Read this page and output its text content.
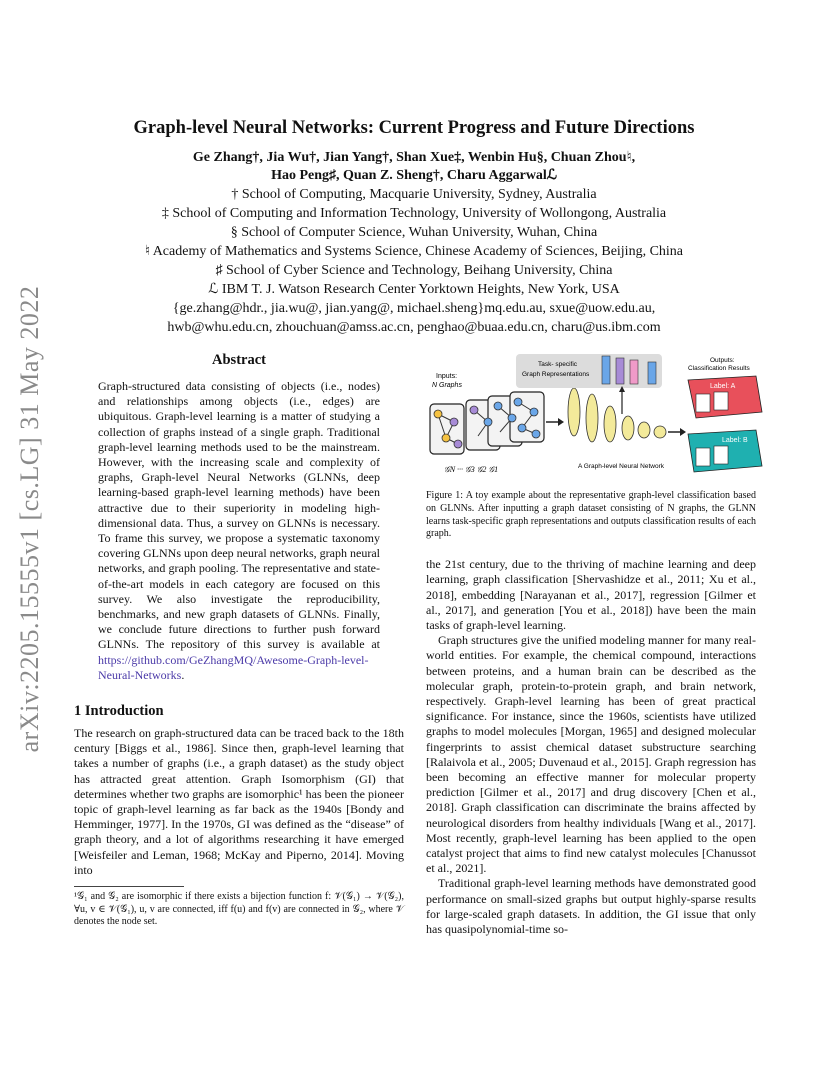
arXiv:2205.15555v1 [cs.LG] 31 May 2022
Graph-level Neural Networks: Current Progress and Future Directions
Ge Zhang†, Jia Wu†, Jian Yang†, Shan Xue‡, Wenbin Hu§, Chuan Zhou♮,
Hao Peng♯, Quan Z. Sheng†, Charu Aggarwalℒ
† School of Computing, Macquarie University, Sydney, Australia
‡ School of Computing and Information Technology, University of Wollongong, Australia
§ School of Computer Science, Wuhan University, Wuhan, China
♮ Academy of Mathematics and Systems Science, Chinese Academy of Sciences, Beijing, China
♯ School of Cyber Science and Technology, Beihang University, China
ℒ IBM T. J. Watson Research Center Yorktown Heights, New York, USA
{ge.zhang@hdr., jia.wu@, jian.yang@, michael.sheng}mq.edu.au, sxue@uow.edu.au,
hwb@whu.edu.cn, zhouchuan@amss.ac.cn, penghao@buaa.edu.cn, charu@us.ibm.com
Abstract

Graph-structured data consisting of objects (i.e., nodes) and relationships among objects (i.e., edges) are ubiquitous. Graph-level learning is a matter of studying a collection of graphs instead of a single graph. Traditional graph-level learning methods used to be the mainstream. However, with the increasing scale and complexity of graphs, Graph-level Neural Networks (GLNNs, deep learning-based graph-level learning methods) have been attractive due to their superiority in modeling high-dimensional data. Thus, a survey on GLNNs is necessary. To frame this survey, we propose a systematic taxonomy covering GLNNs upon deep neural networks, graph neural networks, and graph pooling. The representative and state-of-the-art models in each category are focused on this survey. We also investigate the reproducibility, benchmarks, and new graph datasets of GLNNs. Finally, we conclude future directions to further push forward GLNNs. The repository of this survey is available at https://github.com/GeZhangMQ/Awesome-Graph-level-Neural-Networks.

1 Introduction

The research on graph-structured data can be traced back to the 18th century [Biggs et al., 1986]. Since then, graph-level learning that takes a number of graphs (i.e., a graph dataset) as the study object has attracted great attention. Graph Isomorphism (GI) that determines whether two graphs are isomorphic¹ has been the pioneer topic of graph-level learning as far back as the 1940s [Bondy and Hemminger, 1977]. In the 1970s, GI was defined as the “disease” of graph theory, and a lot of algorithms researching it have emerged [Weisfeiler and Leman, 1968; McKay and Piperno, 2014]. Moving into

¹𝒢₁ and 𝒢₂ are isomorphic if there exists a bijection function f: 𝒱(𝒢₁) → 𝒱(𝒢₂), ∀u, v ∈ 𝒱(𝒢₁), u, v are connected, iff f(u) and f(v) are connected in 𝒢₂, where 𝒱 denotes the node set.
Inputs:
N Graphs
𝒢N ··· 𝒢3 𝒢2 𝒢1	A Graph-level Neural Network
Task- specific
Graph Representations
Outputs:
Classification Results
Label: A
Label: B
Figure 1: A toy example about the representative graph-level classification based on GLNNs. After inputting a graph dataset consisting of N graphs, the GLNN learns task-specific graph representations and outputs classification results of each graph.

the 21st century, due to the thriving of machine learning and deep learning, graph classification [Shervashidze et al., 2011; Xu et al., 2018], embedding [Narayanan et al., 2017], regression [Gilmer et al., 2017], and generation [You et al., 2018]) have been the main tasks of graph-level learning.

Graph structures give the unified modeling manner for many real-world entities. For example, the chemical compound, interactions between proteins, and a human brain can be described as the molecular graph, protein-to-protein graph, and brain network, respectively. Graph-level learning has been of great practical significance. For instance, since the 1960s, scientists have utilized graphs to model molecules [Morgan, 1965] and designed molecular fingerprints to assist chemical dataset substructure searching [Ralaivola et al., 2005; Duvenaud et al., 2015]. Graph regression has been becoming an effective manner for molecular property prediction [Gilmer et al., 2017] and drug discovery [Chen et al., 2018]. Graph classification can discriminate the brains affected by neurological disorders from healthy individuals [Wang et al., 2017]. Most recently, graph-level learning has been applied to the open catalyst project that aims to find new catalyst molecules [Chanussot et al., 2021].

Traditional graph-level learning methods have demonstrated good performance on small-sized graphs but output highly-sparse results for large-scaled graph datasets. In addition, the GI issue that only has quasipolynomial-time so-
